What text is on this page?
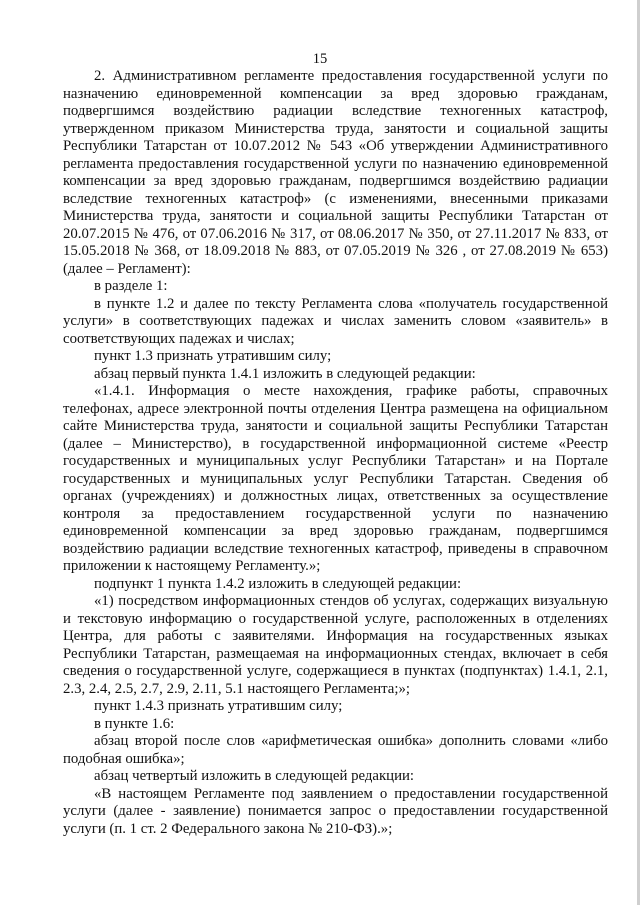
15

2. Административном регламенте предоставления государственной услуги по назначению единовременной компенсации за вред здоровью гражданам, подвергшимся воздействию радиации вследствие техногенных катастроф, утвержденном приказом Министерства труда, занятости и социальной защиты Республики Татарстан от 10.07.2012 № 543 «Об утверждении Административного регламента предоставления государственной услуги по назначению единовременной компенсации за вред здоровью гражданам, подвергшимся воздействию радиации вследствие техногенных катастроф» (с изменениями, внесенными приказами Министерства труда, занятости и социальной защиты Республики Татарстан от 20.07.2015 № 476, от 07.06.2016 № 317, от 08.06.2017 № 350, от 27.11.2017 № 833, от 15.05.2018 № 368, от 18.09.2018 № 883, от 07.05.2019 № 326 , от 27.08.2019 № 653) (далее – Регламент):

в разделе 1:

в пункте 1.2 и далее по тексту Регламента слова «получатель государственной услуги» в соответствующих падежах и числах заменить словом «заявитель» в соответствующих падежах и числах;

пункт 1.3 признать утратившим силу;

абзац первый пункта 1.4.1 изложить в следующей редакции:

«1.4.1. Информация о месте нахождения, графике работы, справочных телефонах, адресе электронной почты отделения Центра размещена на официальном сайте Министерства труда, занятости и социальной защиты Республики Татарстан (далее – Министерство), в государственной информационной системе «Реестр государственных и муниципальных услуг Республики Татарстан» и на Портале государственных и муниципальных услуг Республики Татарстан. Сведения об органах (учреждениях) и должностных лицах, ответственных за осуществление контроля за предоставлением государственной услуги по назначению единовременной компенсации за вред здоровью гражданам, подвергшимся воздействию радиации вследствие техногенных катастроф, приведены в справочном приложении к настоящему Регламенту.»;

подпункт 1 пункта 1.4.2 изложить в следующей редакции:

«1) посредством информационных стендов об услугах, содержащих визуальную и текстовую информацию о государственной услуге, расположенных в отделениях Центра, для работы с заявителями. Информация на государственных языках Республики Татарстан, размещаемая на информационных стендах, включает в себя сведения о государственной услуге, содержащиеся в пунктах (подпунктах) 1.4.1, 2.1, 2.3, 2.4, 2.5, 2.7, 2.9, 2.11, 5.1 настоящего Регламента;»;

пункт 1.4.3 признать утратившим силу;

в пункте 1.6:

абзац второй после слов «арифметическая ошибка» дополнить словами «либо подобная ошибка»;

абзац четвертый изложить в следующей редакции:

«В настоящем Регламенте под заявлением о предоставлении государственной услуги (далее - заявление) понимается запрос о предоставлении государственной услуги (п. 1 ст. 2 Федерального закона № 210-ФЗ).»;
